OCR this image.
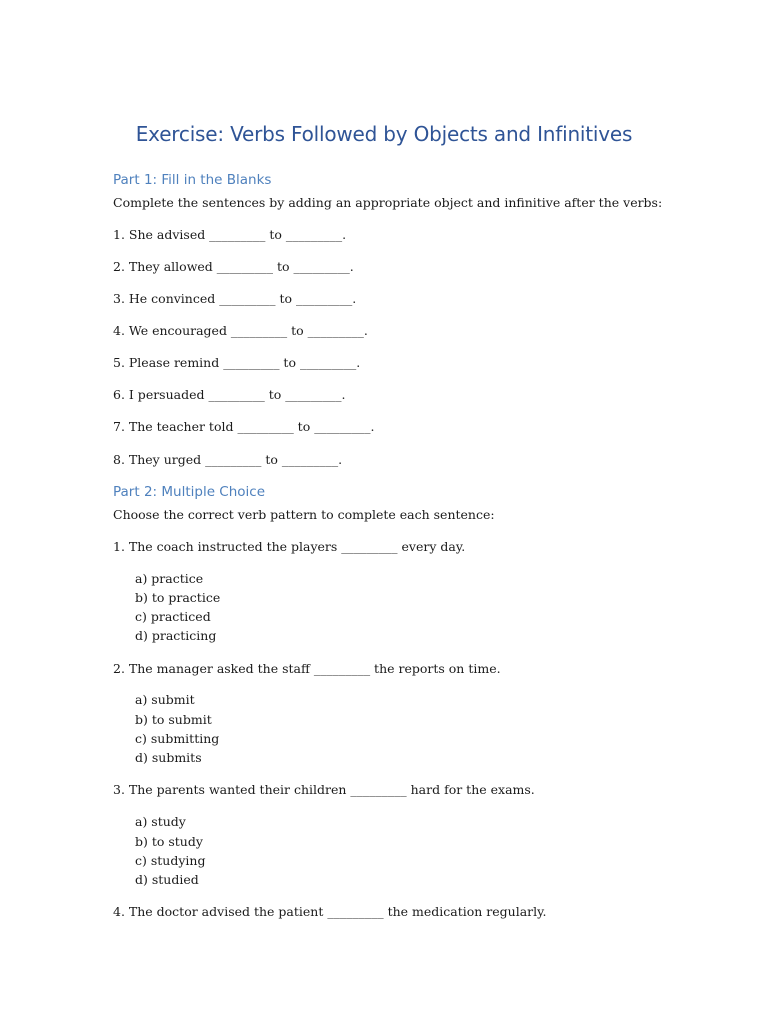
Exercise: Verbs Followed by Objects and Infinitives
Part 1: Fill in the Blanks
Complete the sentences by adding an appropriate object and infinitive after the verbs:
1. She advised _________ to _________.
2. They allowed _________ to _________.
3. He convinced _________ to _________.
4. We encouraged _________ to _________.
5. Please remind _________ to _________.
6. I persuaded _________ to _________.
7. The teacher told _________ to _________.
8. They urged _________ to _________.
Part 2: Multiple Choice
Choose the correct verb pattern to complete each sentence:
1. The coach instructed the players _________ every day.
a) practice
b) to practice
c) practiced
d) practicing
2. The manager asked the staff _________ the reports on time.
a) submit
b) to submit
c) submitting
d) submits
3. The parents wanted their children _________ hard for the exams.
a) study
b) to study
c) studying
d) studied
4. The doctor advised the patient _________ the medication regularly.
